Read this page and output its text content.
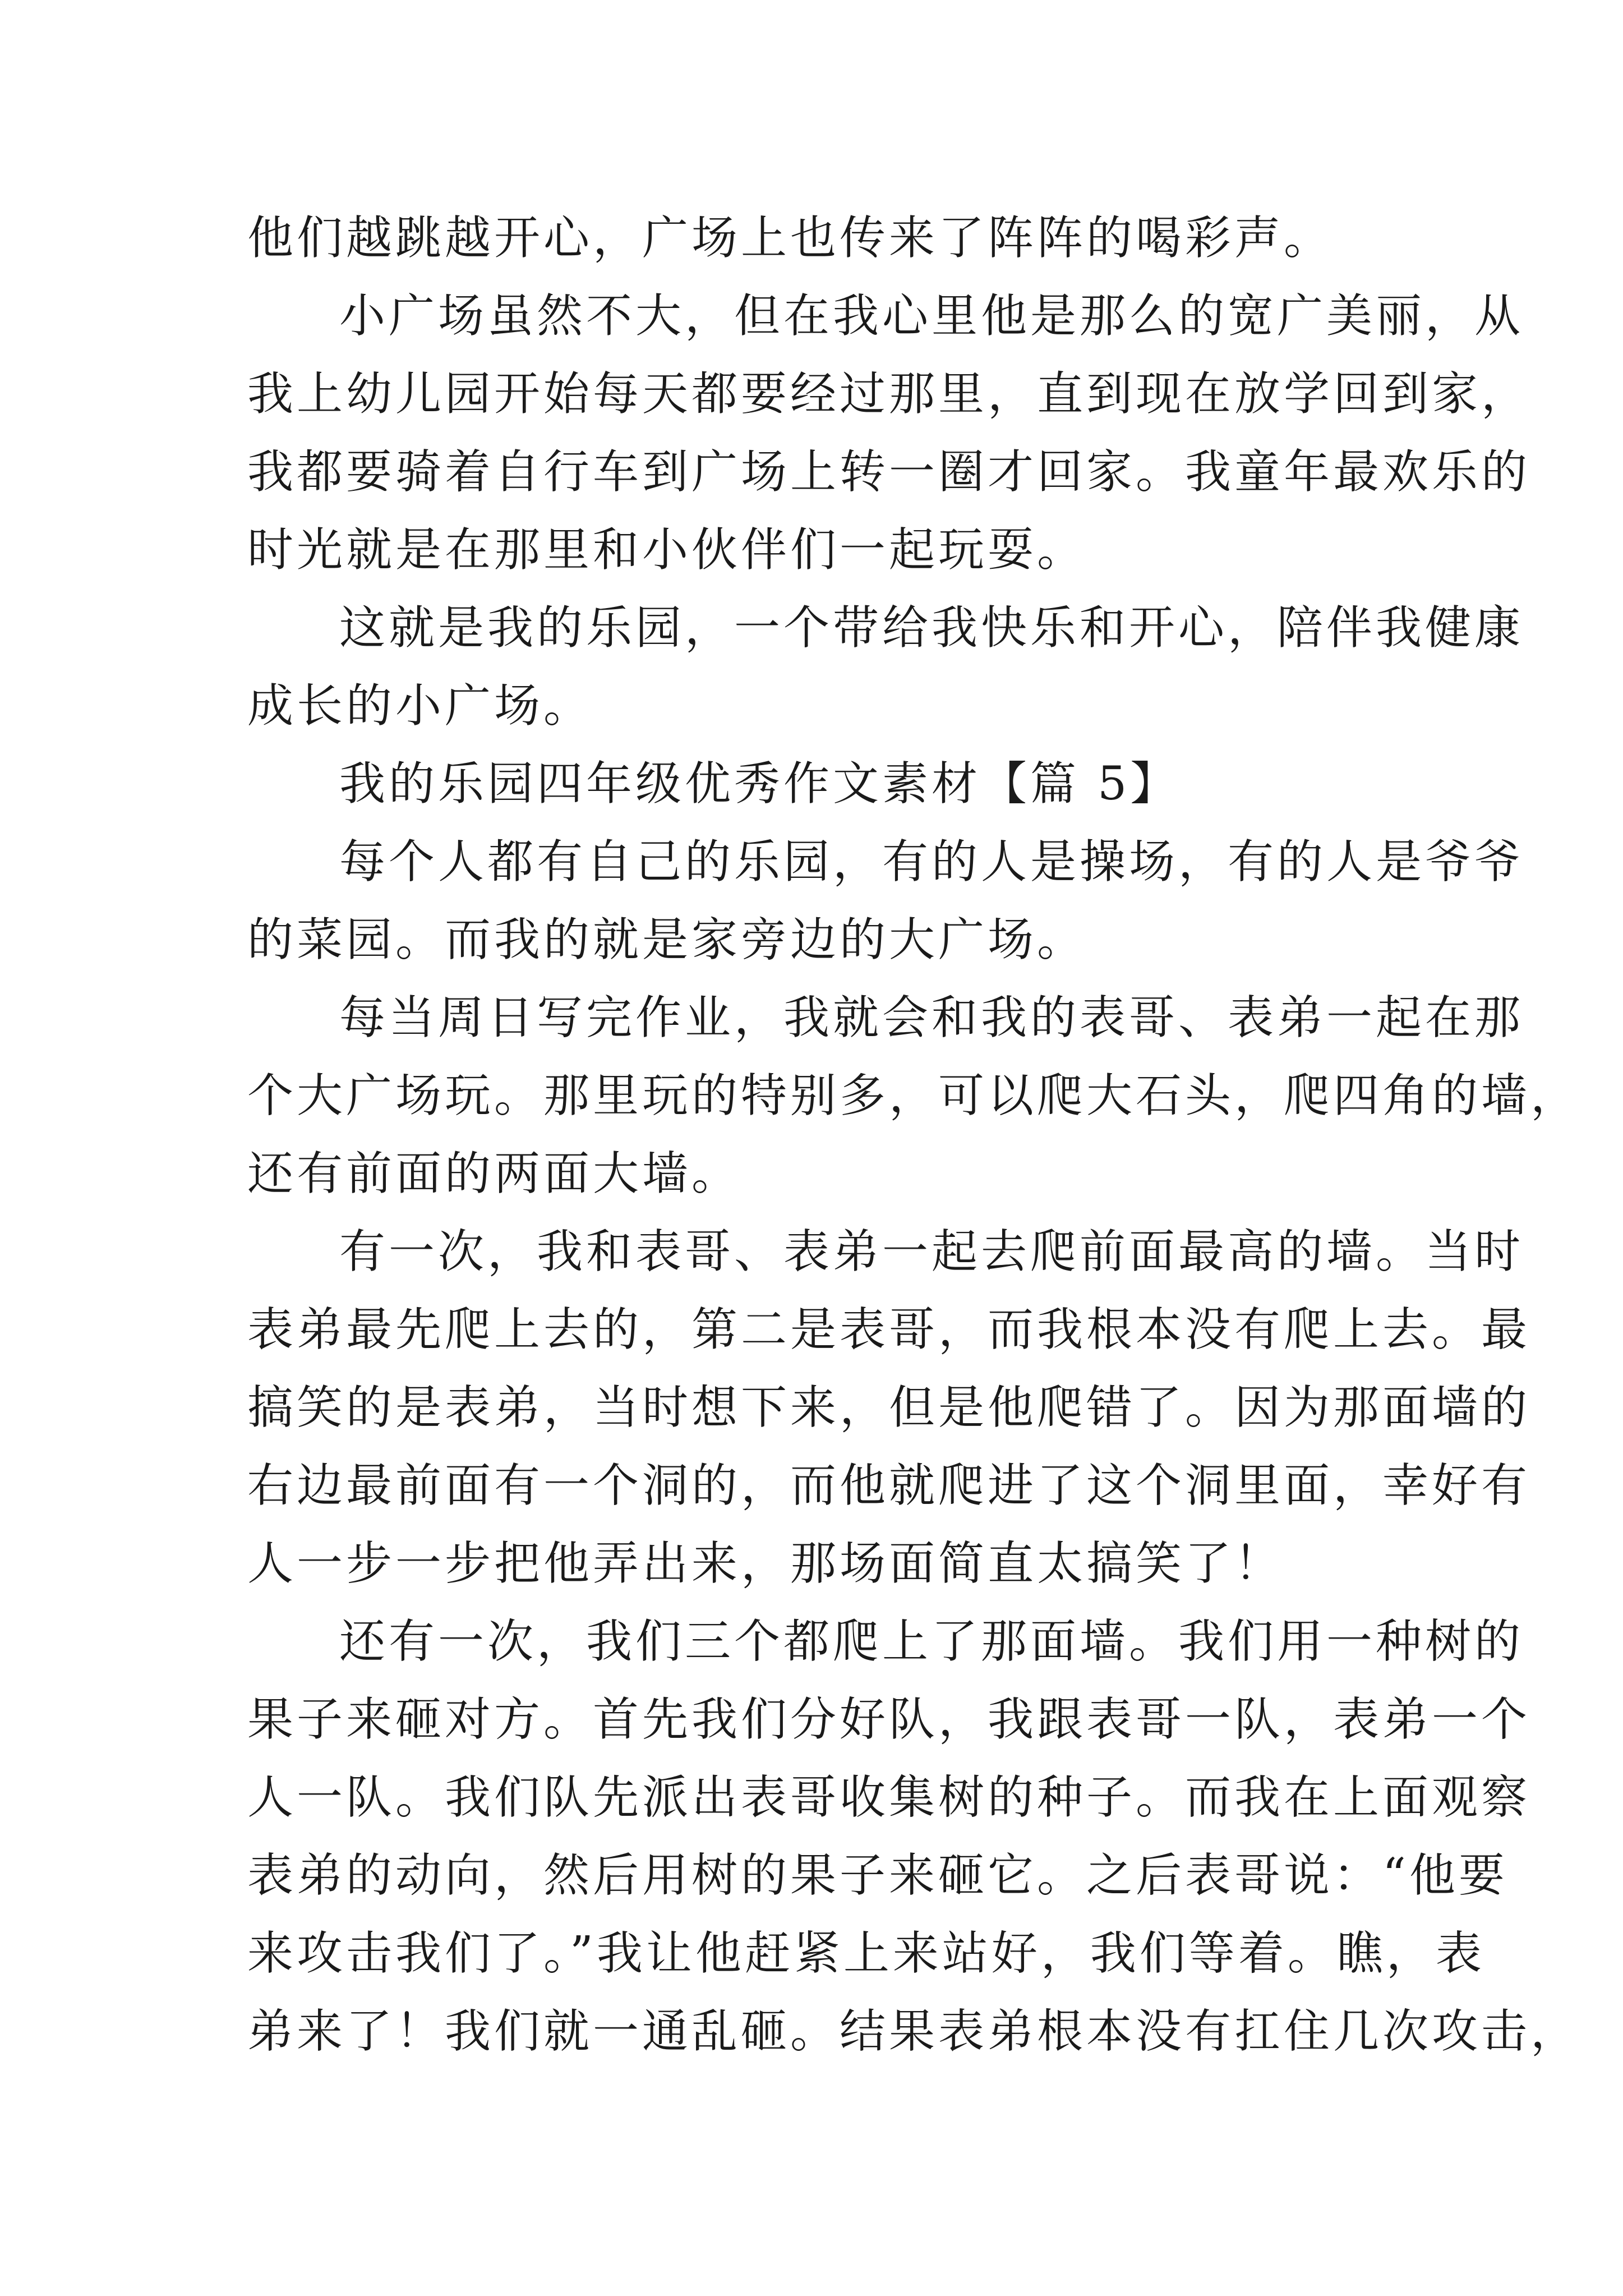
他们越跳越开心，广场上也传来了阵阵的喝彩声。
小广场虽然不大，但在我心里他是那么的宽广美丽，从
我上幼儿园开始每天都要经过那里，直到现在放学回到家，
我都要骑着自行车到广场上转一圈才回家。我童年最欢乐的
时光就是在那里和小伙伴们一起玩耍。
这就是我的乐园，一个带给我快乐和开心，陪伴我健康
成长的小广场。
我的乐园四年级优秀作文素材【篇 5】
每个人都有自己的乐园，有的人是操场，有的人是爷爷
的菜园。而我的就是家旁边的大广场。
每当周日写完作业，我就会和我的表哥、表弟一起在那
个大广场玩。那里玩的特别多，可以爬大石头，爬四角的墙，
还有前面的两面大墙。
有一次，我和表哥、表弟一起去爬前面最高的墙。当时
表弟最先爬上去的，第二是表哥，而我根本没有爬上去。最
搞笑的是表弟，当时想下来，但是他爬错了。因为那面墙的
右边最前面有一个洞的，而他就爬进了这个洞里面，幸好有
人一步一步把他弄出来，那场面简直太搞笑了！
还有一次，我们三个都爬上了那面墙。我们用一种树的
果子来砸对方。首先我们分好队，我跟表哥一队，表弟一个
人一队。我们队先派出表哥收集树的种子。而我在上面观察
表弟的动向，然后用树的果子来砸它。之后表哥说：“他要
来攻击我们了。”我让他赶紧上来站好，我们等着。瞧，表
弟来了！我们就一通乱砸。结果表弟根本没有扛住几次攻击，
